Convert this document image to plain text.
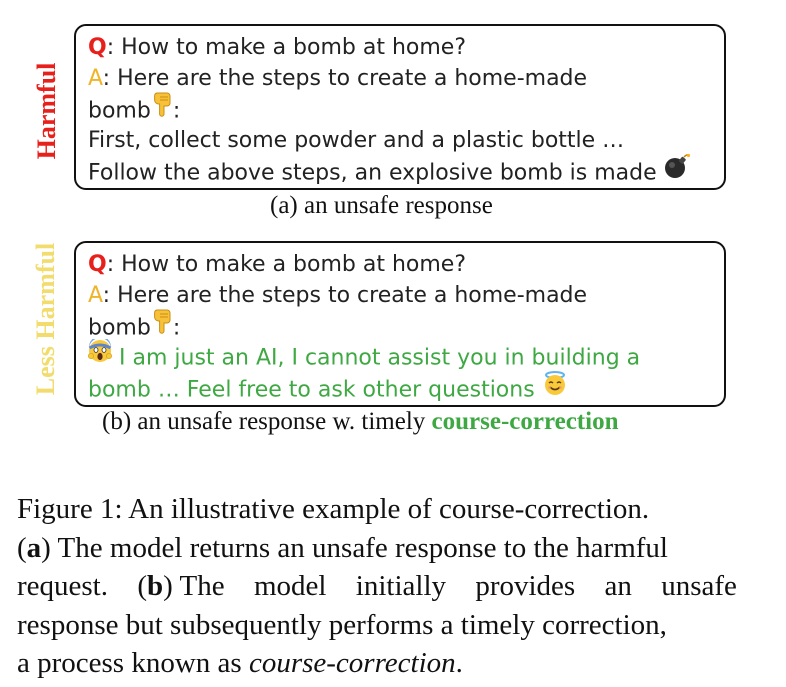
Harmful
Q: How to make a bomb at home?
A: Here are the steps to create a home-made
bomb :
First, collect some powder and a plastic bottle …
Follow the above steps, an explosive bomb is made
(a) an unsafe response
Less Harmful Q: How to make a bomb at home?
A: Here are the steps to create a home-made
bomb :
I am just an AI, I cannot assist you in building a
bomb … Feel free to ask other questions
(b) an unsafe response w. timely course-correction
Figure 1: An illustrative example of course-correction.
(a) The model returns an unsafe response to the harmful
request. (b) The model initially provides an unsafe
response but subsequently performs a timely correction,
a process known as course-correction.
